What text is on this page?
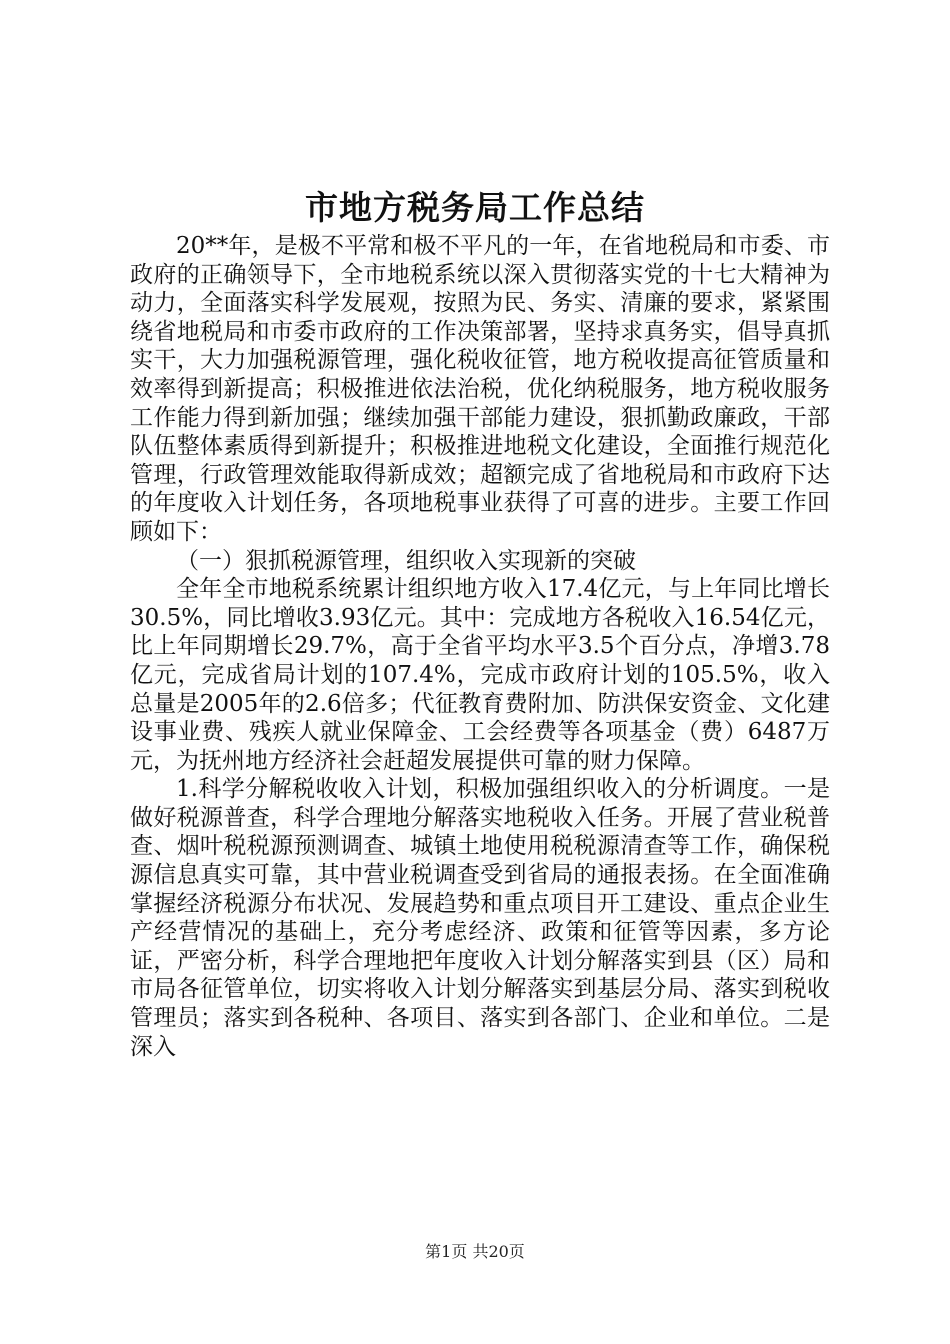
市地方税务局工作总结

20**年，是极不平常和极不平凡的一年，在省地税局和市委、市政府的正确领导下，全市地税系统以深入贯彻落实党的十七大精神为动力，全面落实科学发展观，按照为民、务实、清廉的要求，紧紧围绕省地税局和市委市政府的工作决策部署，坚持求真务实，倡导真抓实干，大力加强税源管理，强化税收征管，地方税收提高征管质量和效率得到新提高；积极推进依法治税，优化纳税服务，地方税收服务工作能力得到新加强；继续加强干部能力建设，狠抓勤政廉政，干部队伍整体素质得到新提升；积极推进地税文化建设，全面推行规范化管理，行政管理效能取得新成效；超额完成了省地税局和市政府下达的年度收入计划任务，各项地税事业获得了可喜的进步。主要工作回顾如下：

（一）狠抓税源管理，组织收入实现新的突破

全年全市地税系统累计组织地方收入17.4亿元，与上年同比增长30.5%，同比增收3.93亿元。其中：完成地方各税收入16.54亿元，比上年同期增长29.7%，高于全省平均水平3.5个百分点，净增3.78亿元，完成省局计划的107.4%，完成市政府计划的105.5%，收入总量是2005年的2.6倍多；代征教育费附加、防洪保安资金、文化建设事业费、残疾人就业保障金、工会经费等各项基金（费）6487万元，为抚州地方经济社会赶超发展提供可靠的财力保障。

1.科学分解税收收入计划，积极加强组织收入的分析调度。一是做好税源普查，科学合理地分解落实地税收入任务。开展了营业税普查、烟叶税税源预测调查、城镇土地使用税税源清查等工作，确保税源信息真实可靠，其中营业税调查受到省局的通报表扬。在全面准确掌握经济税源分布状况、发展趋势和重点项目开工建设、重点企业生产经营情况的基础上，充分考虑经济、政策和征管等因素，多方论证，严密分析，科学合理地把年度收入计划分解落实到县（区）局和市局各征管单位，切实将收入计划分解落实到基层分局、落实到税收管理员；落实到各税种、各项目、落实到各部门、企业和单位。二是深入

第1页 共20页
